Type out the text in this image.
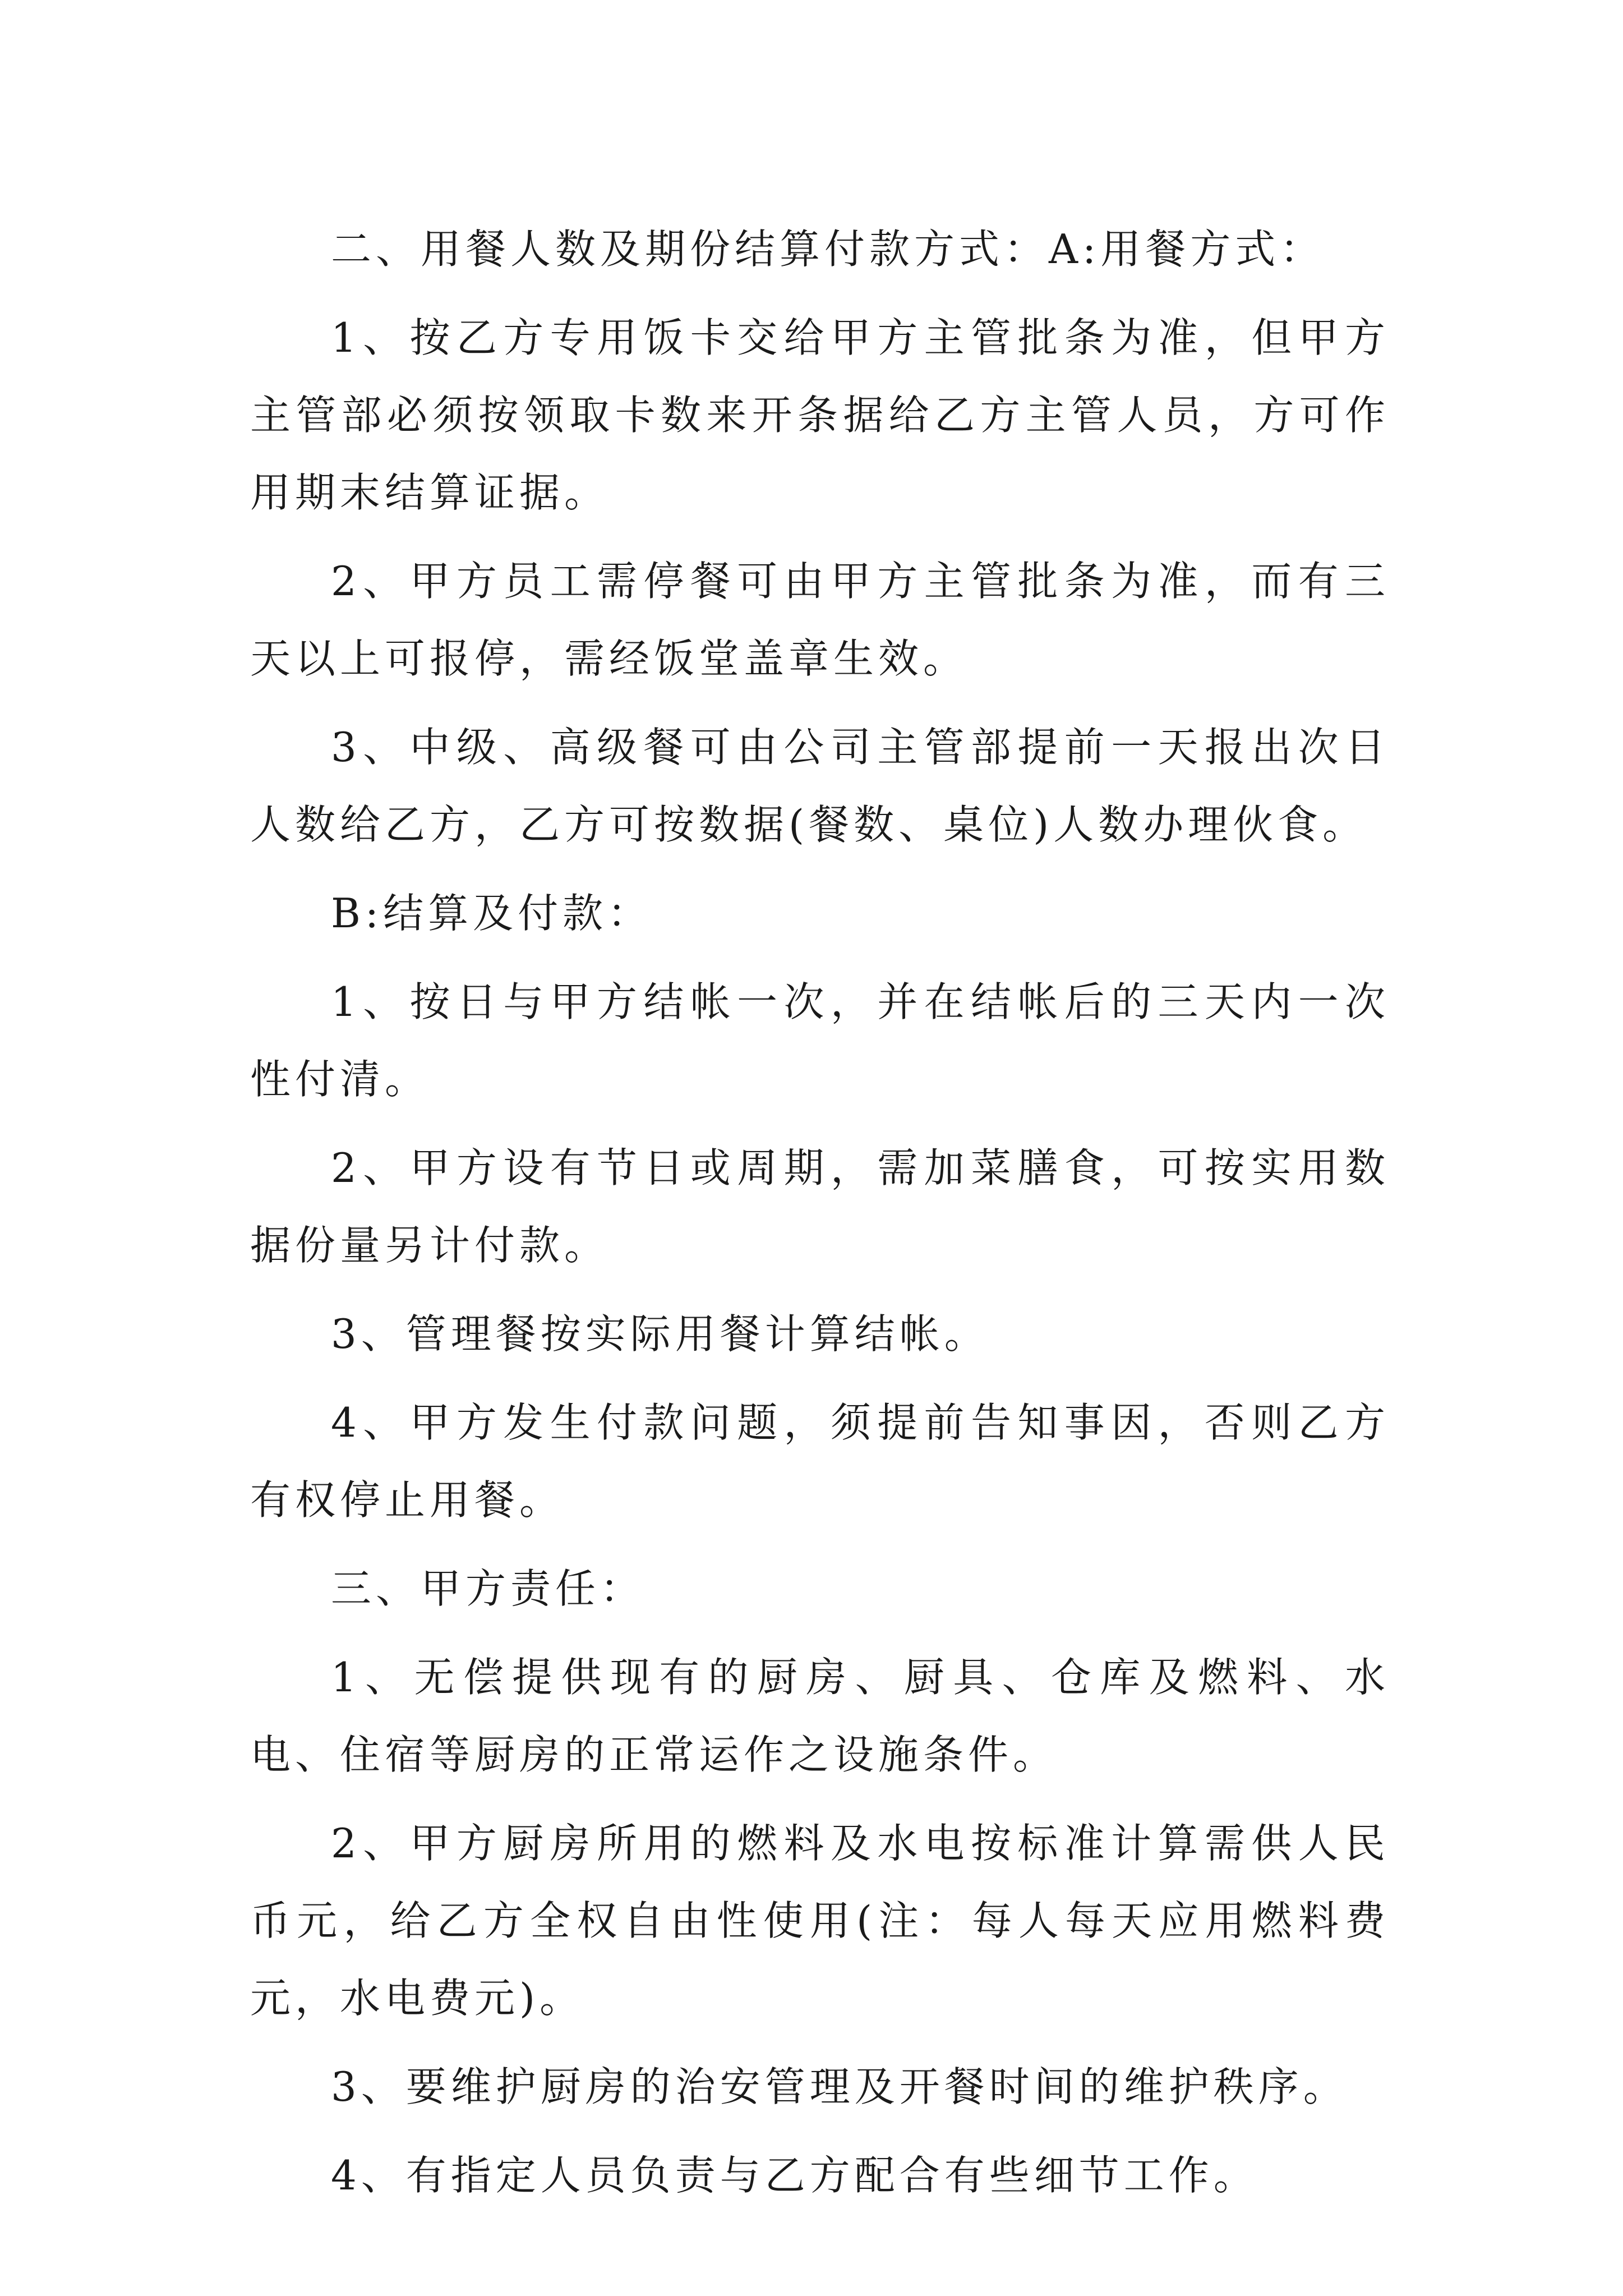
二、用餐人数及期份结算付款方式：A:用餐方式：

1、按乙方专用饭卡交给甲方主管批条为准，但甲方主管部必须按领取卡数来开条据给乙方主管人员，方可作用期末结算证据。

2、甲方员工需停餐可由甲方主管批条为准，而有三天以上可报停，需经饭堂盖章生效。

3、中级、高级餐可由公司主管部提前一天报出次日人数给乙方，乙方可按数据(餐数、桌位)人数办理伙食。

B:结算及付款：

1、按日与甲方结帐一次，并在结帐后的三天内一次性付清。

2、甲方设有节日或周期，需加菜膳食，可按实用数据份量另计付款。

3、管理餐按实际用餐计算结帐。

4、甲方发生付款问题，须提前告知事因，否则乙方有权停止用餐。

三、甲方责任：

1、无偿提供现有的厨房、厨具、仓库及燃料、水电、住宿等厨房的正常运作之设施条件。

2、甲方厨房所用的燃料及水电按标准计算需供人民币元，给乙方全权自由性使用(注：每人每天应用燃料费元，水电费元)。

3、要维护厨房的治安管理及开餐时间的维护秩序。

4、有指定人员负责与乙方配合有些细节工作。
